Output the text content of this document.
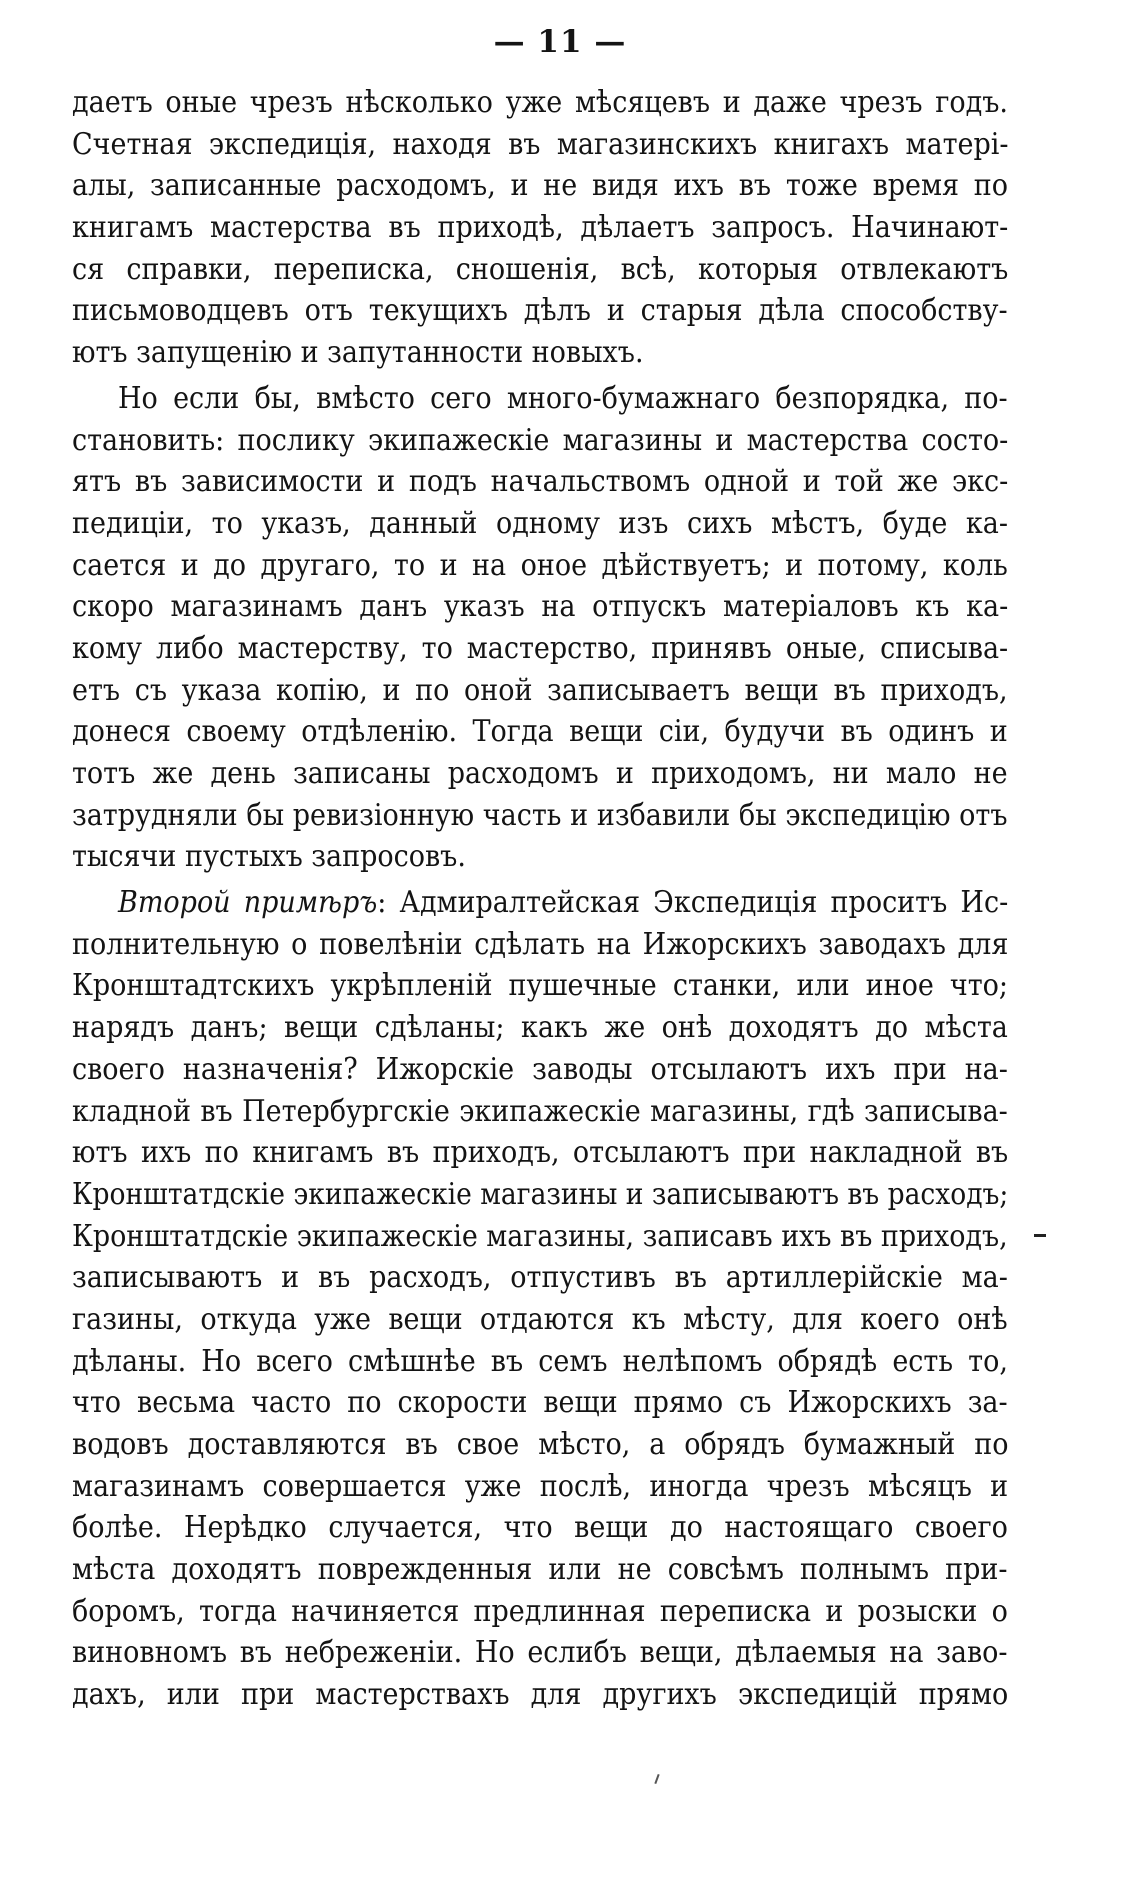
— 11 —
даетъ оные чрезъ нѣсколько уже мѣсяцевъ и даже чрезъ годъ.
Счетная экспедиція, находя въ магазинскихъ книгахъ матері-
алы, записанные расходомъ, и не видя ихъ въ тоже время по
книгамъ мастерства въ приходѣ, дѣлаетъ запросъ. Начинают-
ся справки, переписка, сношенія, всѣ, которыя отвлекаютъ
письмоводцевъ отъ текущихъ дѣлъ и старыя дѣла способству-
ютъ запущенію и запутанности новыхъ.
Но если бы, вмѣсто сего много-бумажнаго безпорядка, по-
становить: послику экипажескіе магазины и мастерства состо-
ятъ въ зависимости и подъ начальствомъ одной и той же экс-
педиціи, то указъ, данный одному изъ сихъ мѣстъ, буде ка-
сается и до другаго, то и на оное дѣйствуетъ; и потому, коль
скоро магазинамъ данъ указъ на отпускъ матеріаловъ къ ка-
кому либо мастерству, то мастерство, принявъ оные, списыва-
етъ съ указа копію, и по оной записываетъ вещи въ приходъ,
донеся своему отдѣленію. Тогда вещи сіи, будучи въ одинъ и
тотъ же день записаны расходомъ и приходомъ, ни мало не
затрудняли бы ревизіонную часть и избавили бы экспедицію отъ
тысячи пустыхъ запросовъ.
Второй примѣръ: Адмиралтейская Экспедиція проситъ Ис-
полнительную о повелѣніи сдѣлать на Ижорскихъ заводахъ для
Кронштадтскихъ укрѣпленій пушечные станки, или иное что;
нарядъ данъ; вещи сдѣланы; какъ же онѣ доходятъ до мѣста
своего назначенія? Ижорскіе заводы отсылаютъ ихъ при на-
кладной въ Петербургскіе экипажескіе магазины, гдѣ записыва-
ютъ ихъ по книгамъ въ приходъ, отсылаютъ при накладной въ
Кронштатдскіе экипажескіе магазины и записываютъ въ расходъ;
Кронштатдскіе экипажескіе магазины, записавъ ихъ въ приходъ,
записываютъ и въ расходъ, отпустивъ въ артиллерійскіе ма-
газины, откуда уже вещи отдаются къ мѣсту, для коего онѣ
дѣланы. Но всего смѣшнѣе въ семъ нелѣпомъ обрядѣ есть то,
что весьма часто по скорости вещи прямо съ Ижорскихъ за-
водовъ доставляются въ свое мѣсто, а обрядъ бумажный по
магазинамъ совершается уже послѣ, иногда чрезъ мѣсяцъ и
болѣе. Нерѣдко случается, что вещи до настоящаго своего
мѣста доходятъ поврежденныя или не совсѣмъ полнымъ при-
боромъ, тогда начиняется предлинная переписка и розыски о
виновномъ въ небреженіи. Но еслибъ вещи, дѣлаемыя на заво-
дахъ, или при мастерствахъ для другихъ экспедицій прямо
